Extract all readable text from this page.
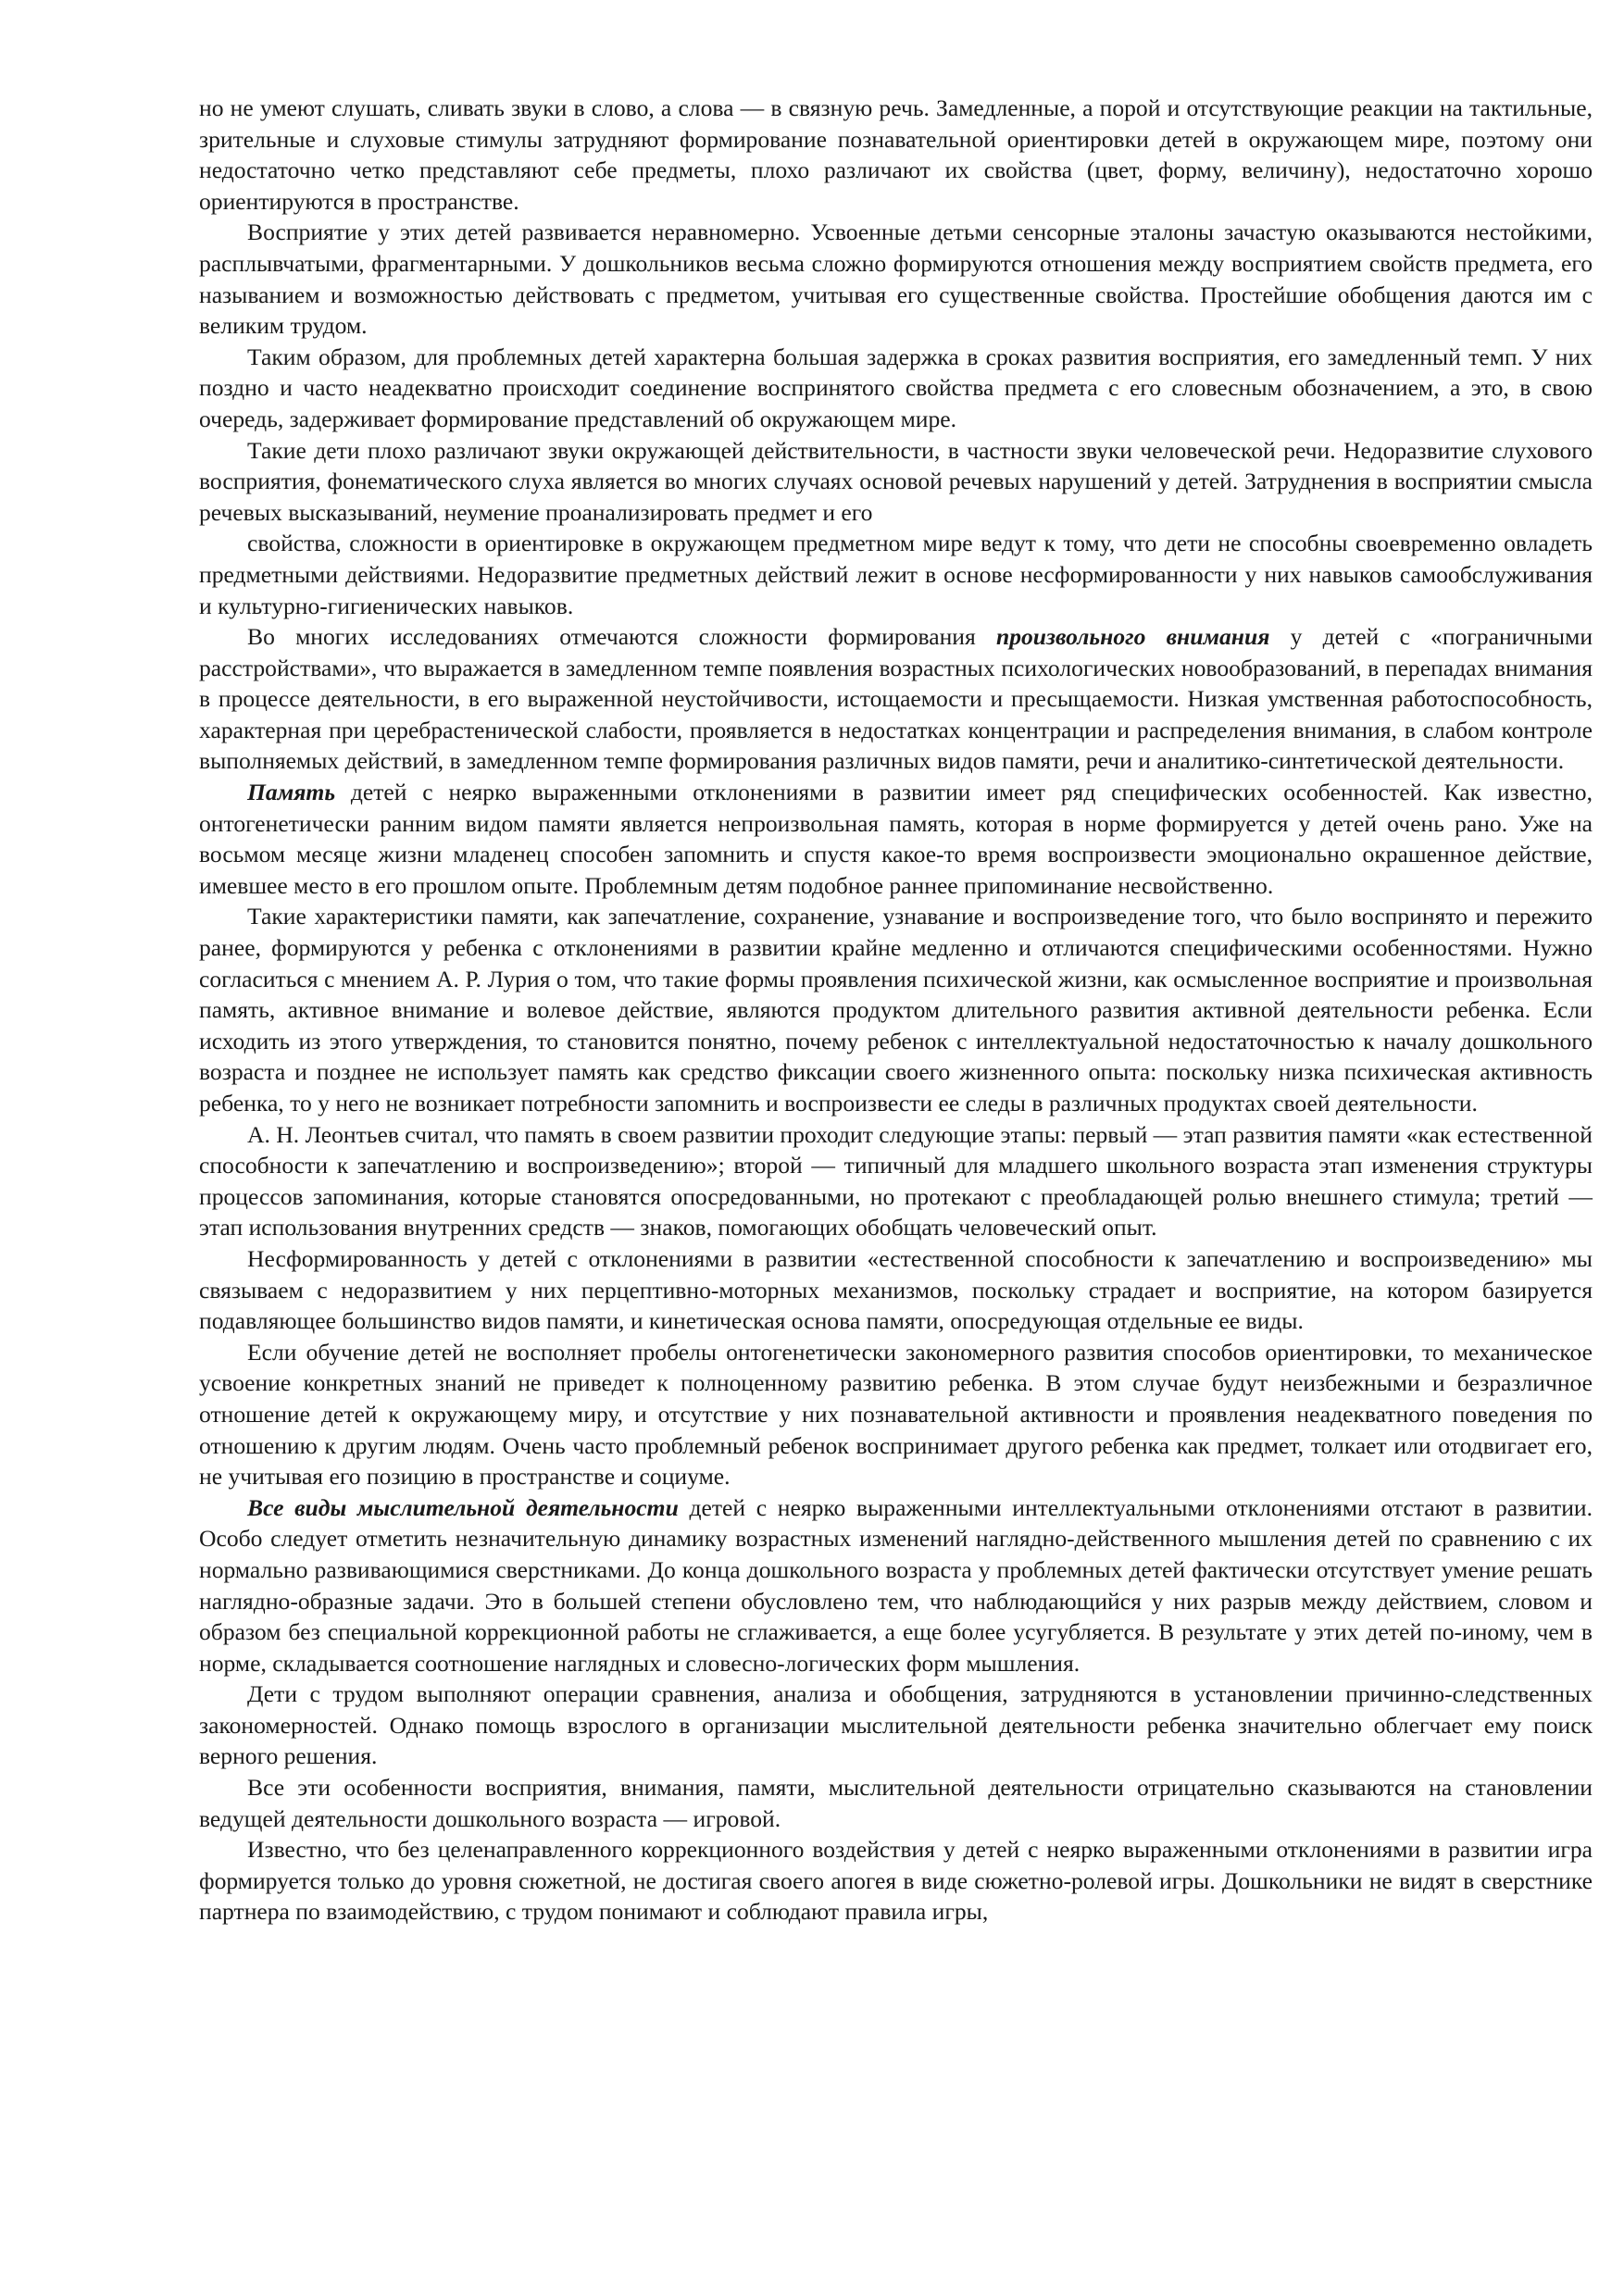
но не умеют слушать, сливать звуки в слово, а слова — в связную речь. Замедленные, а порой и отсутствующие реакции на тактильные, зрительные и слуховые стимулы затрудняют формирование познавательной ориентировки детей в окружающем мире, поэтому они недостаточно четко представляют себе предметы, плохо различают их свойства (цвет, форму, величину), недостаточно хорошо ориентируются в пространстве.

Восприятие у этих детей развивается неравномерно. Усвоенные детьми сенсорные эталоны зачастую оказываются нестойкими, расплывчатыми, фрагментарными. У дошкольников весьма сложно формируются отношения между восприятием свойств предмета, его называнием и возможностью действовать с предметом, учитывая его существенные свойства. Простейшие обобщения даются им с великим трудом.

Таким образом, для проблемных детей характерна большая задержка в сроках развития восприятия, его замедленный темп. У них поздно и часто неадекватно происходит соединение воспринятого свойства предмета с его словесным обозначением, а это, в свою очередь, задерживает формирование представлений об окружающем мире.

Такие дети плохо различают звуки окружающей действительности, в частности звуки человеческой речи. Недоразвитие слухового восприятия, фонематического слуха является во многих случаях основой речевых нарушений у детей. Затруднения в восприятии смысла речевых высказываний, неумение проанализировать предмет и его

свойства, сложности в ориентировке в окружающем предметном мире ведут к тому, что дети не способны своевременно овладеть предметными действиями. Недоразвитие предметных действий лежит в основе несформированности у них навыков самообслуживания и культурно-гигиенических навыков.

Во многих исследованиях отмечаются сложности формирования произвольного внимания у детей с «пограничными расстройствами», что выражается в замедленном темпе появления возрастных психологических новообразований, в перепадах внимания в процессе деятельности, в его выраженной неустойчивости, истощаемости и пресыщаемости. Низкая умственная работоспособность, характерная при церебрастенической слабости, проявляется в недостатках концентрации и распределения внимания, в слабом контроле выполняемых действий, в замедленном темпе формирования различных видов памяти, речи и аналитико-синтетической деятельности.

Память детей с неярко выраженными отклонениями в развитии имеет ряд специфических особенностей. Как известно, онтогенетически ранним видом памяти является непроизвольная память, которая в норме формируется у детей очень рано. Уже на восьмом месяце жизни младенец способен запомнить и спустя какое-то время воспроизвести эмоционально окрашенное действие, имевшее место в его прошлом опыте. Проблемным детям подобное раннее припоминание несвойственно.

Такие характеристики памяти, как запечатление, сохранение, узнавание и воспроизведение того, что было воспринято и пережито ранее, формируются у ребенка с отклонениями в развитии крайне медленно и отличаются специфическими особенностями. Нужно согласиться с мнением А. Р. Лурия о том, что такие формы проявления психической жизни, как осмысленное восприятие и произвольная память, активное внимание и волевое действие, являются продуктом длительного развития активной деятельности ребенка. Если исходить из этого утверждения, то становится понятно, почему ребенок с интеллектуальной недостаточностью к началу дошкольного возраста и позднее не использует память как средство фиксации своего жизненного опыта: поскольку низка психическая активность ребенка, то у него не возникает потребности запомнить и воспроизвести ее следы в различных продуктах своей деятельности.

А. Н. Леонтьев считал, что память в своем развитии проходит следующие этапы: первый — этап развития памяти «как естественной способности к запечатлению и воспроизведению»; второй — типичный для младшего школьного возраста этап изменения структуры процессов запоминания, которые становятся опосредованными, но протекают с преобладающей ролью внешнего стимула; третий — этап использования внутренних средств — знаков, помогающих обобщать человеческий опыт.

Несформированность у детей с отклонениями в развитии «естественной способности к запечатлению и воспроизведению» мы связываем с недоразвитием у них перцептивно-моторных механизмов, поскольку страдает и восприятие, на котором базируется подавляющее большинство видов памяти, и кинетическая основа памяти, опосредующая отдельные ее виды.

Если обучение детей не восполняет пробелы онтогенетически закономерного развития способов ориентировки, то механическое усвоение конкретных знаний не приведет к полноценному развитию ребенка. В этом случае будут неизбежными и безразличное отношение детей к окружающему миру, и отсутствие у них познавательной активности и проявления неадекватного поведения по отношению к другим людям. Очень часто проблемный ребенок воспринимает другого ребенка как предмет, толкает или отодвигает его, не учитывая его позицию в пространстве и социуме.

Все виды мыслительной деятельности детей с неярко выраженными интеллектуальными отклонениями отстают в развитии. Особо следует отметить незначительную динамику возрастных изменений наглядно-действенного мышления детей по сравнению с их нормально развивающимися сверстниками. До конца дошкольного возраста у проблемных детей фактически отсутствует умение решать наглядно-образные задачи. Это в большей степени обусловлено тем, что наблюдающийся у них разрыв между действием, словом и образом без специальной коррекционной работы не сглаживается, а еще более усугубляется. В результате у этих детей по-иному, чем в норме, складывается соотношение наглядных и словесно-логических форм мышления.

Дети с трудом выполняют операции сравнения, анализа и обобщения, затрудняются в установлении причинно-следственных закономерностей. Однако помощь взрослого в организации мыслительной деятельности ребенка значительно облегчает ему поиск верного решения.

Все эти особенности восприятия, внимания, памяти, мыслительной деятельности отрицательно сказываются на становлении ведущей деятельности дошкольного возраста — игровой.

Известно, что без целенаправленного коррекционного воздействия у детей с неярко выраженными отклонениями в развитии игра формируется только до уровня сюжетной, не достигая своего апогея в виде сюжетно-ролевой игры. Дошкольники не видят в сверстнике партнера по взаимодействию, с трудом понимают и соблюдают правила игры,
